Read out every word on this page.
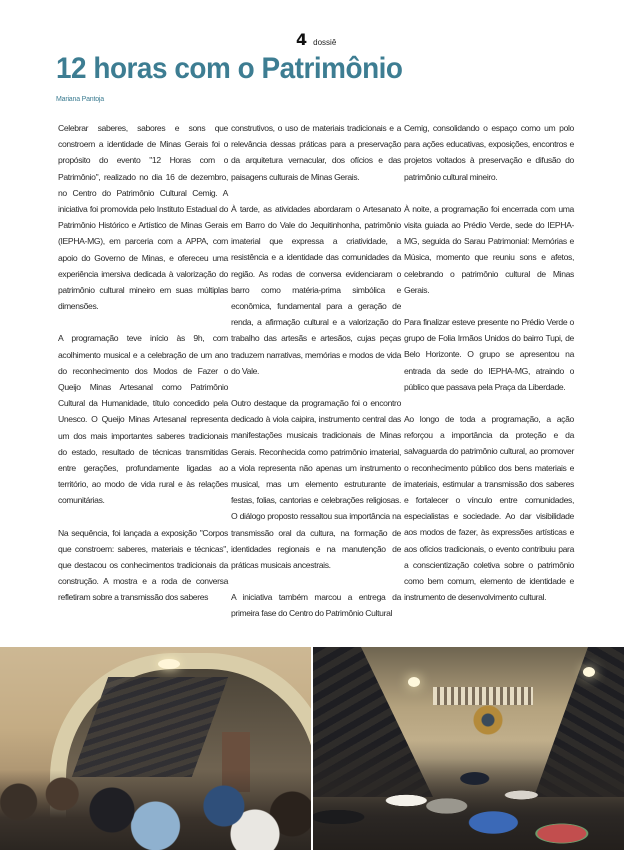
4 dossiê
12 horas com o Patrimônio
Mariana Pantoja

Celebrar saberes, sabores e sons que constroem a identidade de Minas Gerais foi o propósito do evento "12 Horas com o Patrimônio", realizado no dia 16 de dezembro, no Centro do Patrimônio Cultural Cemig. A iniciativa foi promovida pelo Instituto Estadual do Patrimônio Histórico e Artístico de Minas Gerais (IEPHA-MG), em parceria com a APPA, com apoio do Governo de Minas, e ofereceu uma experiência imersiva dedicada à valorização do patrimônio cultural mineiro em suas múltiplas dimensões.

A programação teve início às 9h, com acolhimento musical e a celebração de um ano do reconhecimento dos Modos de Fazer o Queijo Minas Artesanal como Patrimônio Cultural da Humanidade, título concedido pela Unesco. O Queijo Minas Artesanal representa um dos mais importantes saberes tradicionais do estado, resultado de técnicas transmitidas entre gerações, profundamente ligadas ao território, ao modo de vida rural e às relações comunitárias.

Na sequência, foi lançada a exposição "Corpos que constroem: saberes, materiais e técnicas", que destacou os conhecimentos tradicionais da construção. A mostra e a roda de conversa refletiram sobre a transmissão dos saberes

construtivos, o uso de materiais tradicionais e a relevância dessas práticas para a preservação da arquitetura vernacular, dos ofícios e das paisagens culturais de Minas Gerais.

À tarde, as atividades abordaram o Artesanato em Barro do Vale do Jequitinhonha, patrimônio imaterial que expressa a criatividade, a resistência e a identidade das comunidades da região. As rodas de conversa evidenciaram o barro como matéria-prima simbólica e econômica, fundamental para a geração de renda, a afirmação cultural e a valorização do trabalho das artesãs e artesãos, cujas peças traduzem narrativas, memórias e modos de vida do Vale.

Outro destaque da programação foi o encontro dedicado à viola caipira, instrumento central das manifestações musicais tradicionais de Minas Gerais. Reconhecida como patrimônio imaterial, a viola representa não apenas um instrumento musical, mas um elemento estruturante de festas, folias, cantorias e celebrações religiosas. O diálogo proposto ressaltou sua importância na transmissão oral da cultura, na formação de identidades regionais e na manutenção de práticas musicais ancestrais.

A iniciativa também marcou a entrega da primeira fase do Centro do Patrimônio Cultural

Cemig, consolidando o espaço como um polo para ações educativas, exposições, encontros e projetos voltados à preservação e difusão do patrimônio cultural mineiro.

À noite, a programação foi encerrada com uma visita guiada ao Prédio Verde, sede do IEPHA-MG, seguida do Sarau Patrimonial: Memórias e Música, momento que reuniu sons e afetos, celebrando o patrimônio cultural de Minas Gerais.

Para finalizar esteve presente no Prédio Verde o grupo de Folia Irmãos Unidos do bairro Tupi, de Belo Horizonte. O grupo se apresentou na entrada da sede do IEPHA-MG, atraindo o público que passava pela Praça da Liberdade.

Ao longo de toda a programação, a ação reforçou a importância da proteção e da salvaguarda do patrimônio cultural, ao promover o reconhecimento público dos bens materiais e imateriais, estimular a transmissão dos saberes e fortalecer o vínculo entre comunidades, especialistas e sociedade. Ao dar visibilidade aos modos de fazer, às expressões artísticas e aos ofícios tradicionais, o evento contribuiu para a conscientização coletiva sobre o patrimônio como bem comum, elemento de identidade e instrumento de desenvolvimento cultural.
